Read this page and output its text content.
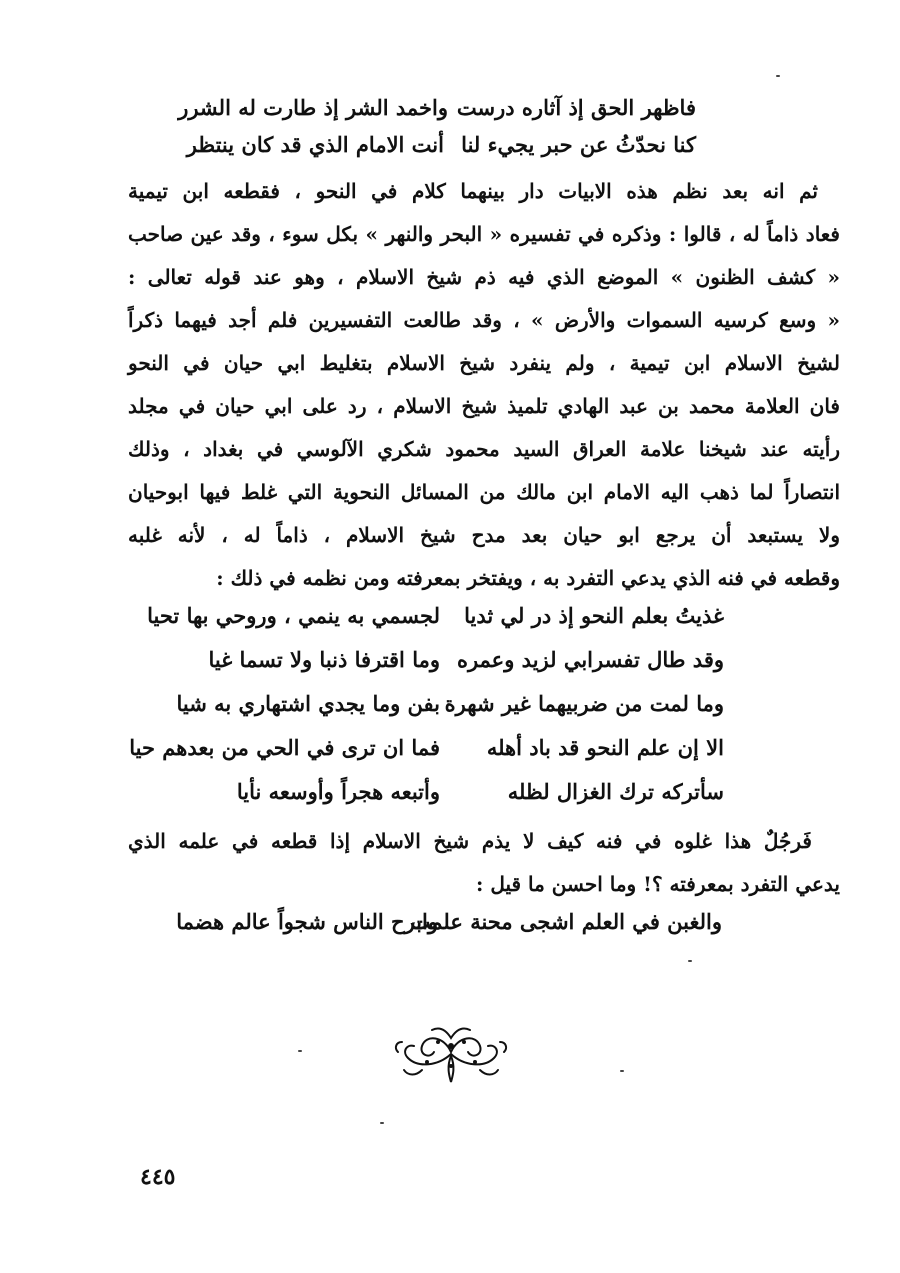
فاظهر الحق إذ آثاره درست
واخمد الشر إذ طارت له الشرر
كنا نحدّثُ عن حبر يجيء لنا
أنت الامام الذي قد كان ينتظر
ثم انه بعد نظم هذه الابيات دار بينهما كلام في النحو ، فقطعه ابن تيمية
فعاد ذاماً له ، قالوا : وذكره في تفسيره « البحر والنهر » بكل سوء ، وقد عين صاحب
« كشف الظنون » الموضع الذي فيه ذم شيخ الاسلام ، وهو عند قوله تعالى :
« وسع كرسيه السموات والأرض » ، وقد طالعت التفسيرين فلم أجد فيهما ذكراً
لشيخ الاسلام ابن تيمية ، ولم ينفرد شيخ الاسلام بتغليط ابي حيان في النحو
فان العلامة محمد بن عبد الهادي تلميذ شيخ الاسلام ، رد على ابي حيان في مجلد
رأيته عند شيخنا علامة العراق السيد محمود شكري الآلوسي في بغداد ، وذلك
انتصاراً لما ذهب اليه الامام ابن مالك من المسائل النحوية التي غلط فيها ابوحيان
ولا يستبعد أن يرجع ابو حيان بعد مدح شيخ الاسلام ، ذاماً له ، لأنه غلبه
وقطعه في فنه الذي يدعي التفرد به ، ويفتخر بمعرفته ومن نظمه في ذلك :
غذيتُ بعلم النحو إذ در لي ثديا
لجسمي به ينمي ، وروحي بها تحيا
وقد طال تفسرابي لزيد وعمره
وما اقترفا ذنبا ولا تسما غيا
وما لمت من ضربيهما غير شهرة
بفن وما يجدي اشتهاري به شيا
الا إن علم النحو قد باد أهله
فما ان ترى في الحي من بعدهم حيا
سأتركه ترك الغزال لظله
وأتبعه هجراً وأوسعه نأيا
فَرجُلٌ هذا غلوه في فنه كيف لا يذم شيخ الاسلام إذا قطعه في علمه الذي
يدعي التفرد بمعرفته ؟! وما احسن ما قيل :
والغبن في العلم اشجى محنة علمت
وابرح الناس شجواً عالم هضما
٤٤٥
